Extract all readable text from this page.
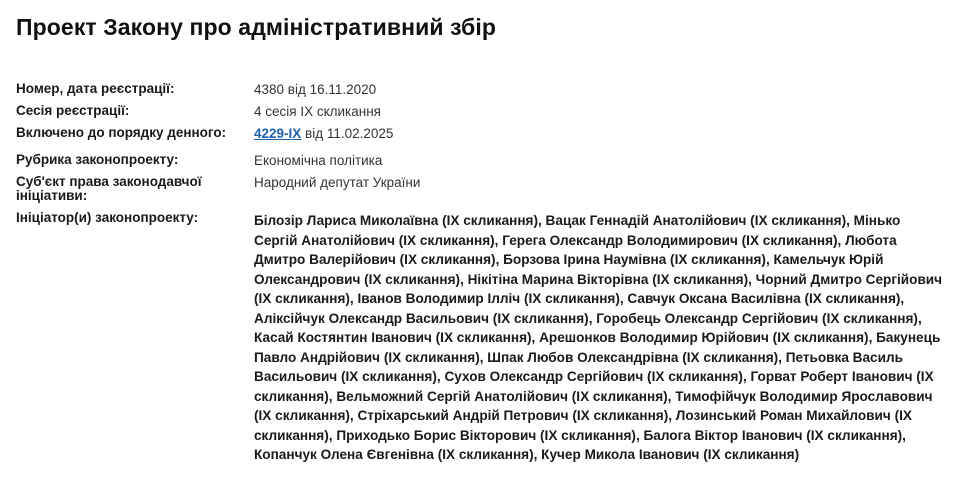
Проект Закону про адміністративний збір
Номер, дата реєстрації:	4380 від 16.11.2020
Сесія реєстрації:	4 сесія IX скликання
Включено до порядку денного:	4229-IX від 11.02.2025
Рубрика законопроекту:	Економічна політика
Суб'єкт права законодавчої ініціативи:
Народний депутат України
Ініціатор(и) законопроекту:	Білозір Лариса Миколаївна (IX скликання), Вацак Геннадій Анатолійович (IX скликання), Мінько Сергій Анатолійович (IX скликання), Герега Олександр Володимирович (IX скликання), Любота Дмитро Валерійович (IX скликання), Борзова Ірина Наумівна (IX скликання), Камельчук Юрій Олександрович (IX скликання), Нікітіна Марина Вікторівна (IX скликання), Чорний Дмитро Сергійович (IX скликання), Іванов Володимир Ілліч (IX скликання), Савчук Оксана Василівна (IX скликання), Аліксійчук Олександр Васильович (IX скликання), Горобець Олександр Сергійович (IX скликання), Касай Костянтин Іванович (IX скликання), Арешонков Володимир Юрійович (IX скликання), Бакунець Павло Андрійович (IX скликання), Шпак Любов Олександрівна (IX скликання), Петьовка Василь Васильович (IX скликання), Сухов Олександр Сергійович (IX скликання), Горват Роберт Іванович (IX скликання), Вельможний Сергій Анатолійович (IX скликання), Тимофійчук Володимир Ярославович (IX скликання), Стріхарський Андрій Петрович (IX скликання), Лозинський Роман Михайлович (IX скликання), Приходько Борис Вікторович (IX скликання), Балога Віктор Іванович (IX скликання), Копанчук Олена Євгенівна (IX скликання), Кучер Микола Іванович (IX скликання)
